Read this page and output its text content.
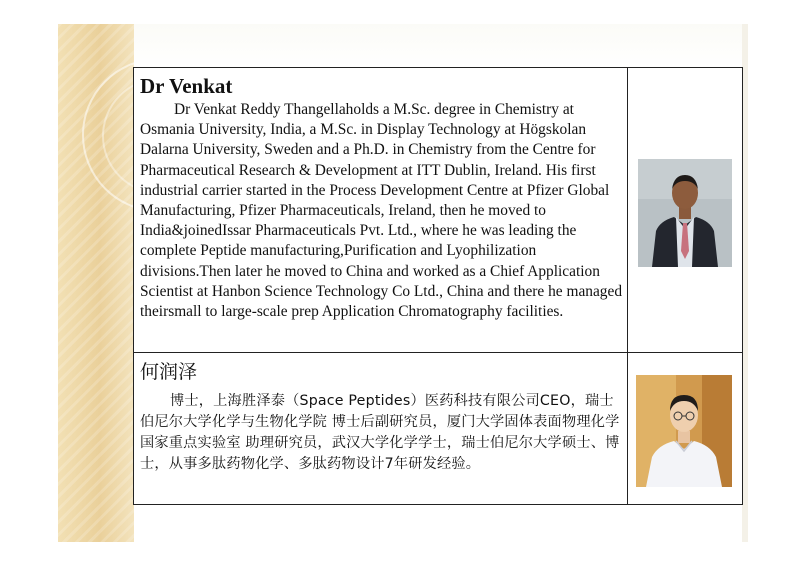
Dr Venkat

Dr Venkat Reddy Thangellaholds a M.Sc. degree in Chemistry at Osmania University, India, a M.Sc. in Display Technology at Högskolan Dalarna University, Sweden and a Ph.D. in Chemistry from the Centre for Pharmaceutical Research & Development at ITT Dublin, Ireland. His first industrial carrier started in the Process Development Centre at Pfizer Global Manufacturing, Pfizer Pharmaceuticals, Ireland, then he moved to India&joinedIssar Pharmaceuticals Pvt. Ltd., where he was leading the complete Peptide manufacturing,Purification and Lyophilization divisions.Then later he moved to China and worked as a Chief Application Scientist at Hanbon Science Technology Co Ltd., China and there he managed theirsmall to large-scale prep Application Chromatography facilities.

何润泽

博士，上海胜泽泰（Space Peptides）医药科技有限公司CEO，瑞士伯尼尔大学化学与生物化学院 博士后副研究员，厦门大学固体表面物理化学国家重点实验室 助理研究员，武汉大学化学学士，瑞士伯尼尔大学硕士、博士，从事多肽药物化学、多肽药物设计7年研发经验。
